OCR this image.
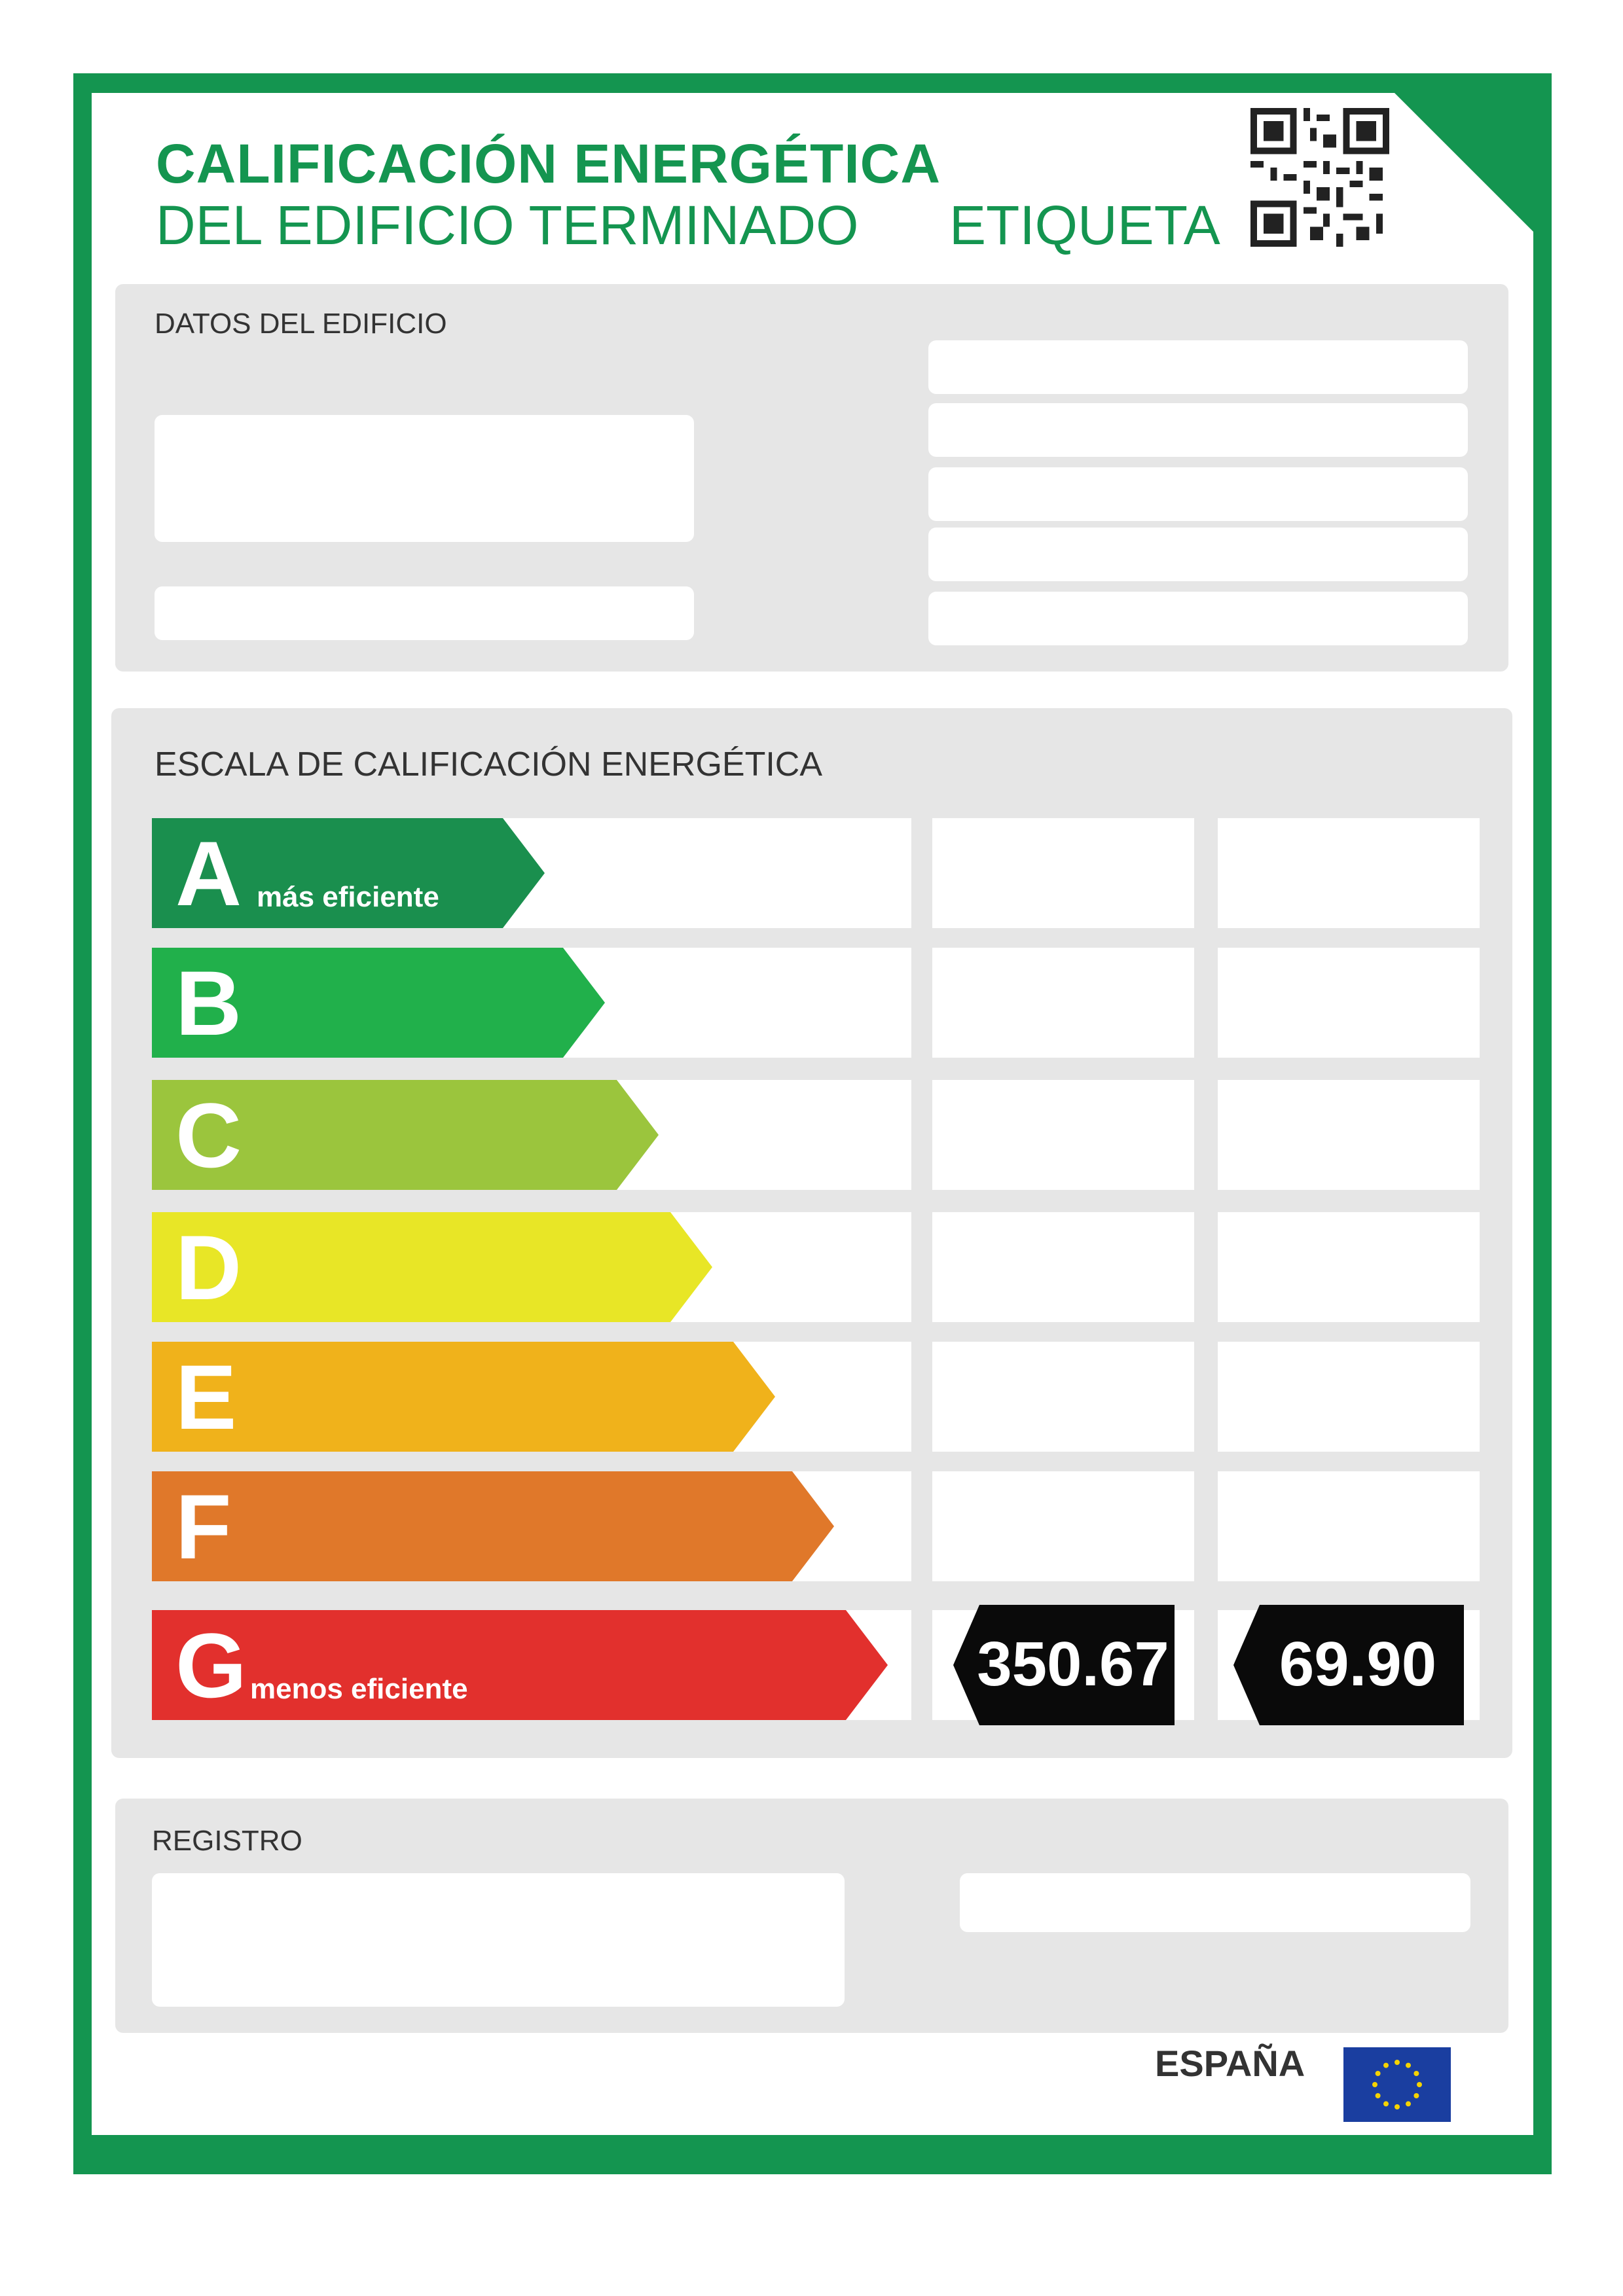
CALIFICACIÓN ENERGÉTICA
DEL EDIFICIO TERMINADO ETIQUETA
DATOS DEL EDIFICIO
ESCALA DE CALIFICACIÓN ENERGÉTICA
A más eficiente
B
C
D
E
F
G menos eficiente	350.67	69.90
REGISTRO
ESPAÑA
